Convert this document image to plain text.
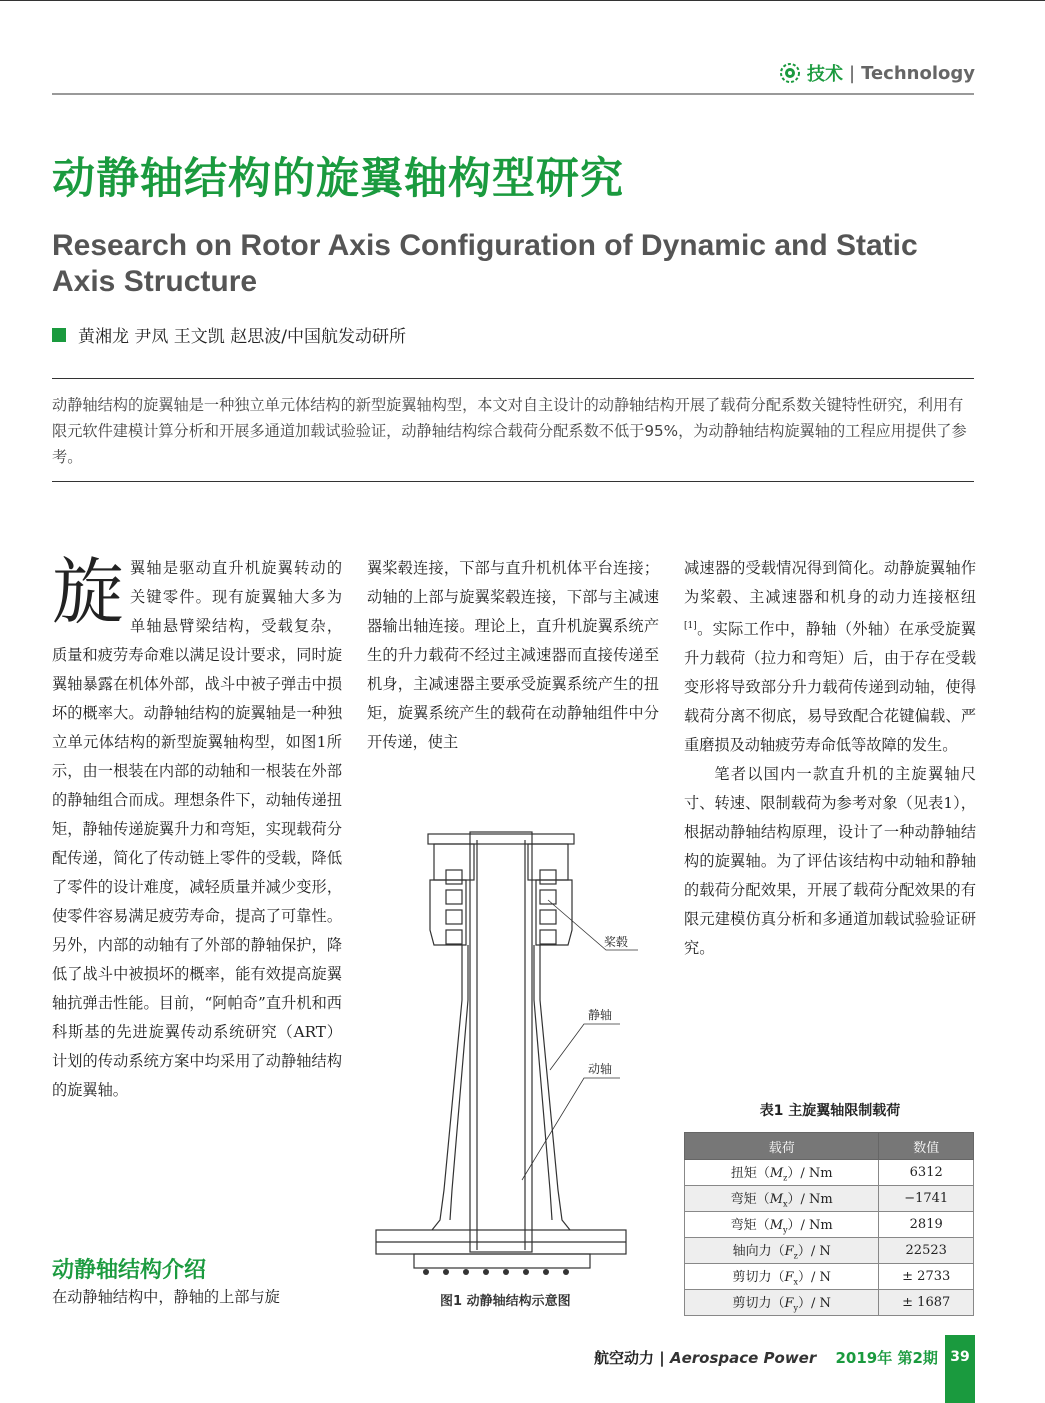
技术 | Technology
动静轴结构的旋翼轴构型研究
Research on Rotor Axis Configuration of Dynamic and Static Axis Structure
黄湘龙 尹凤 王文凯 赵思波/中国航发动研所
动静轴结构的旋翼轴是一种独立单元体结构的新型旋翼轴构型，本文对自主设计的动静轴结构开展了载荷分配系数关键特性研究，利用有限元软件建模计算分析和开展多通道加载试验验证，动静轴结构综合载荷分配系数不低于95%，为动静轴结构旋翼轴的工程应用提供了参考。
旋 翼轴是驱动直升机旋翼转动的关键零件。现有旋翼轴大多为单轴悬臂梁结构，受载复杂，质量和疲劳寿命难以满足设计要求，同时旋翼轴暴露在机体外部，战斗中被子弹击中损坏的概率大。动静轴结构的旋翼轴是一种独立单元体结构的新型旋翼轴构型，如图1所示，由一根装在内部的动轴和一根装在外部的静轴组合而成。理想条件下，动轴传递扭矩，静轴传递旋翼升力和弯矩，实现载荷分配传递，简化了传动链上零件的受载，降低了零件的设计难度，减轻质量并减少变形，使零件容易满足疲劳寿命，提高了可靠性。另外，内部的动轴有了外部的静轴保护，降低了战斗中被损坏的概率，能有效提高旋翼轴抗弹击性能。目前，“阿帕奇”直升机和西科斯基的先进旋翼传动系统研究（ART）计划的传动系统方案中均采用了动静轴结构的旋翼轴。
动静轴结构介绍
在动静轴结构中，静轴的上部与旋
翼桨毂连接，下部与直升机机体平台连接；动轴的上部与旋翼桨毂连接，下部与主减速器输出轴连接。理论上，直升机旋翼系统产生的升力载荷不经过主减速器而直接传递至机身，主减速器主要承受旋翼系统产生的扭矩，旋翼系统产生的载荷在动静轴组件中分开传递，使主
减速器的受载情况得到简化。动静旋翼轴作为桨毂、主减速器和机身的动力连接枢纽[1]。实际工作中，静轴（外轴）在承受旋翼升力载荷（拉力和弯矩）后，由于存在受载变形将导致部分升力载荷传递到动轴，使得载荷分离不彻底，易导致配合花键偏载、严重磨损及动轴疲劳寿命低等故障的发生。
笔者以国内一款直升机的主旋翼轴尺寸、转速、限制载荷为参考对象（见表1），根据动静轴结构原理，设计了一种动静轴结构的旋翼轴。为了评估该结构中动轴和静轴的载荷分配效果，开展了载荷分配效果的有限元建模仿真分析和多通道加载试验验证研究。
桨毂
静轴
动轴
图1 动静轴结构示意图
表1 主旋翼轴限制载荷
载荷	数值
扭矩$(M_z)/$ Nm	6312
弯矩$(M_x)/$ Nm	−1741
弯矩$(M_y)/$ Nm	2819
轴向力$(F_z)/$ N	22523
剪切力$(F_x)/$ N	± 2733
剪切力$(F_y)/$ N	± 1687
航空动力 | Aerospace Power 2019年 第2期 39
